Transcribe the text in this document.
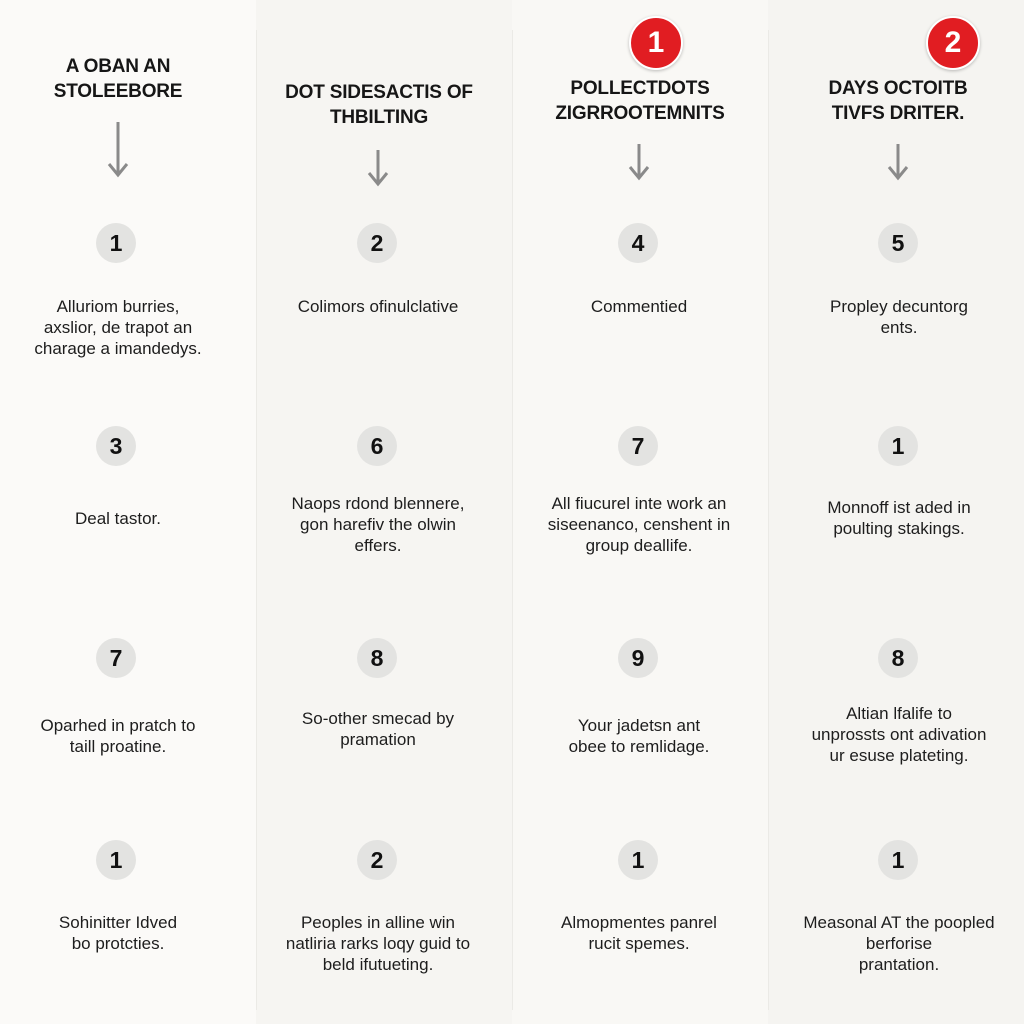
A OBAN AN
STOLEEBORE	DOT SIDESACTIS OF
THBILTING
1
POLLECTDOTS
ZIGRROOTEMNITS
2
DAYS OCTOITB
TIVFS DRITER.
1
Alluriom burries,
axslior, de trapot an
charage a imandedys.
2
Colimors ofinulclative
4
Commentied
5
Propley decuntorg
ents.
3
Deal tastor.
6
Naops rdond blennere,
gon harefiv the olwin
effers.
7
All fiucurel inte work an
siseenanco, censhent in
group deallife.
1
Monnoff ist aded in
poulting stakings.
7
Oparhed in pratch to
taill proatine.
8
So-other smecad by
pramation
9
Your jadetsn ant
obee to remlidage.
8
Altian lfalife to
unprossts ont adivation
ur esuse plateting.
1
Sohinitter Idved
bo protcties.
2
Peoples in alline win
natliria rarks loqy guid to
beld ifutueting.
1
Almopmentes panrel
rucit spemes.
1
Measonal AT the poopled
berforise
prantation.
